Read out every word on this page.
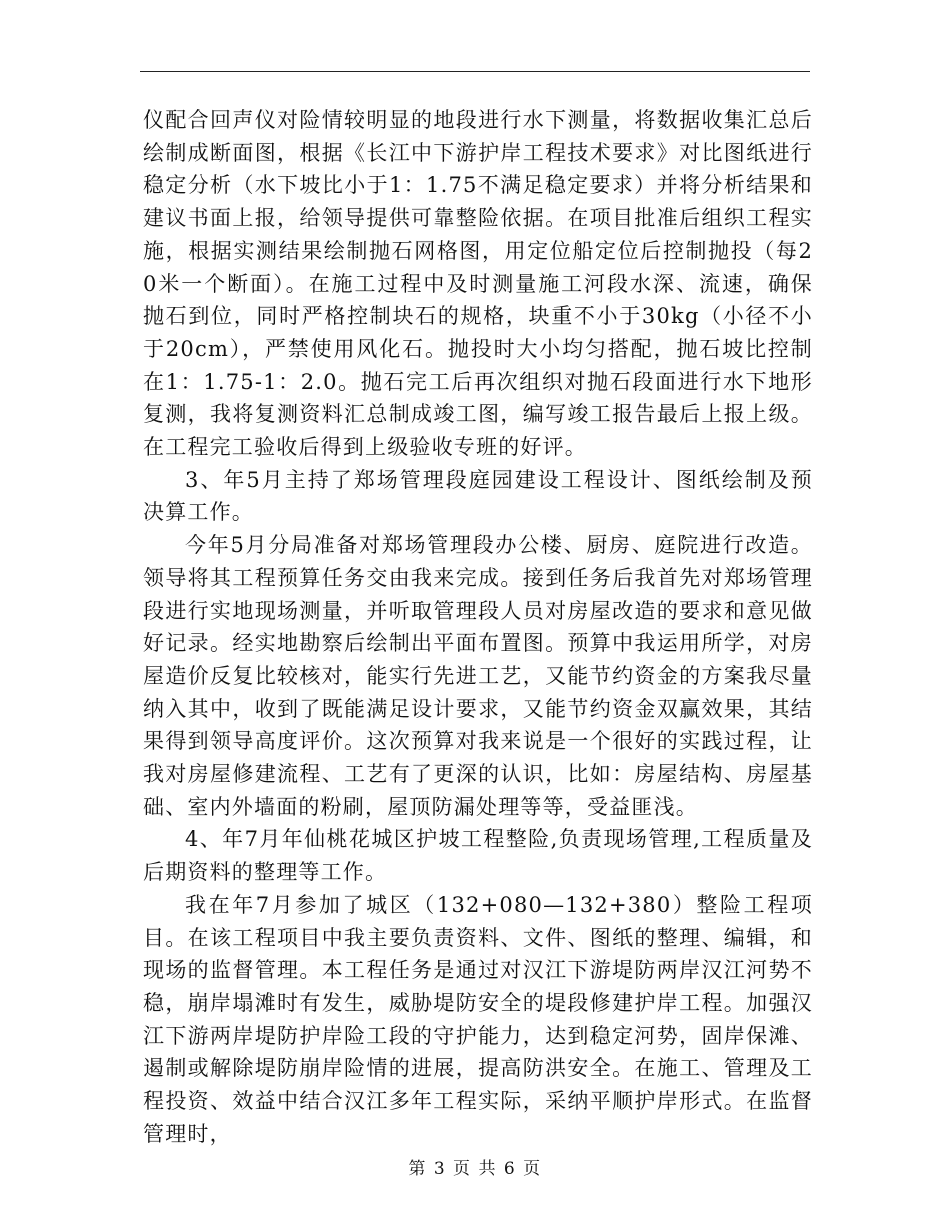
仪配合回声仪对险情较明显的地段进行水下测量，将数据收集汇总后绘制成断面图，根据《长江中下游护岸工程技术要求》对比图纸进行稳定分析（水下坡比小于1：1.75不满足稳定要求）并将分析结果和建议书面上报，给领导提供可靠整险依据。在项目批准后组织工程实施，根据实测结果绘制抛石网格图，用定位船定位后控制抛投（每20米一个断面）。在施工过程中及时测量施工河段水深、流速，确保抛石到位，同时严格控制块石的规格，块重不小于30kg（小径不小于20cm），严禁使用风化石。抛投时大小均匀搭配，抛石坡比控制在1：1.75-1：2.0。抛石完工后再次组织对抛石段面进行水下地形复测，我将复测资料汇总制成竣工图，编写竣工报告最后上报上级。在工程完工验收后得到上级验收专班的好评。

3、年5月主持了郑场管理段庭园建设工程设计、图纸绘制及预决算工作。

今年5月分局准备对郑场管理段办公楼、厨房、庭院进行改造。领导将其工程预算任务交由我来完成。接到任务后我首先对郑场管理段进行实地现场测量，并听取管理段人员对房屋改造的要求和意见做好记录。经实地勘察后绘制出平面布置图。预算中我运用所学，对房屋造价反复比较核对，能实行先进工艺，又能节约资金的方案我尽量纳入其中，收到了既能满足设计要求，又能节约资金双赢效果，其结果得到领导高度评价。这次预算对我来说是一个很好的实践过程，让我对房屋修建流程、工艺有了更深的认识，比如：房屋结构、房屋基础、室内外墙面的粉刷，屋顶防漏处理等等，受益匪浅。

4、年7月年仙桃花城区护坡工程整险,负责现场管理,工程质量及后期资料的整理等工作。

我在年7月参加了城区（132+080—132+380）整险工程项目。在该工程项目中我主要负责资料、文件、图纸的整理、编辑，和现场的监督管理。本工程任务是通过对汉江下游堤防两岸汉江河势不稳，崩岸塌滩时有发生，威胁堤防安全的堤段修建护岸工程。加强汉江下游两岸堤防护岸险工段的守护能力，达到稳定河势，固岸保滩、遏制或解除堤防崩岸险情的进展，提高防洪安全。在施工、管理及工程投资、效益中结合汉江多年工程实际，采纳平顺护岸形式。在监督管理时，

第 3 页 共 6 页
